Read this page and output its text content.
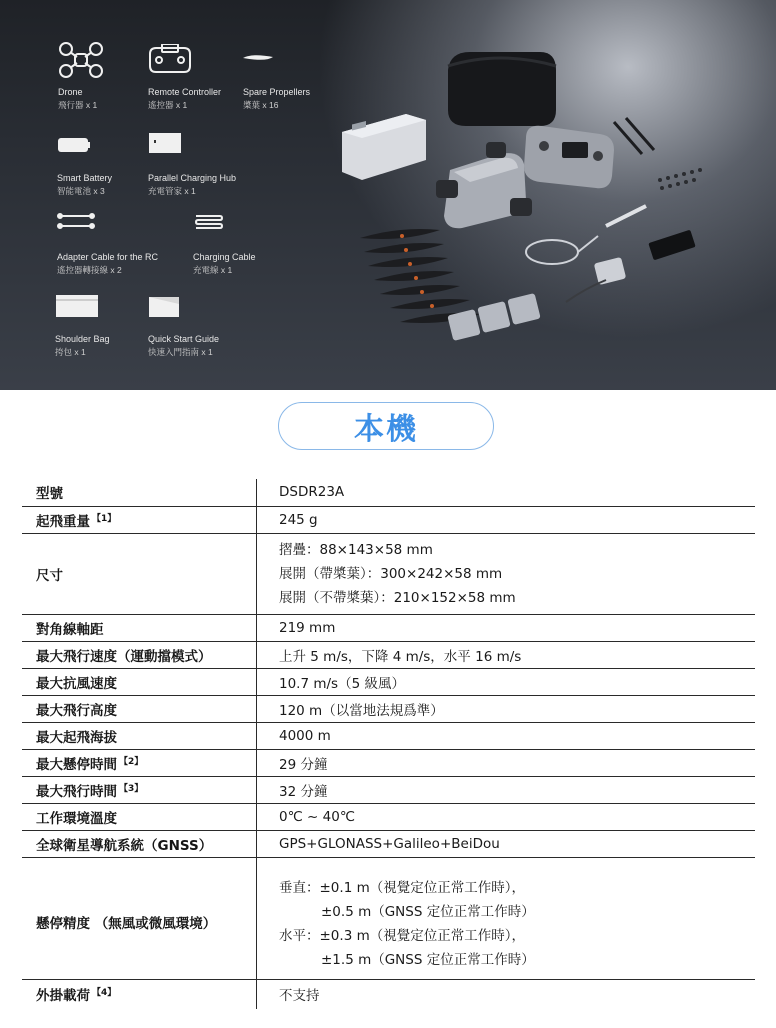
Drone
飛行器 x 1
Remote Controller
遙控器 x 1
Spare Propellers
槳葉 x 16
Smart Battery
智能電池 x 3
Parallel Charging Hub
充電管家 x 1
Adapter Cable for the RC
遙控器轉接線 x 2
Charging Cable
充電線 x 1
Shoulder Bag
挎包 x 1
Quick Start Guide
快速入門指南 x 1
本機
型號	DSDR23A
起飛重量 $^{【1】}$	245 g
尺寸	摺疊：88×143×58 mm
展開（帶槳葉）：300×242×58 mm
展開（不帶槳葉）：210×152×58 mm

對角線軸距	219 mm
最大飛行速度（運動擋模式）	上升 5 m/s，下降 4 m/s，水平 16 m/s
最大抗風速度	10.7 m/s（5 級風）
最大飛行高度	120 m（以當地法規爲準）
最大起飛海拔	4000 m
最大懸停時間 $^{【2】}$	29 分鐘
最大飛行時間 $^{【3】}$	32 分鐘
工作環境溫度	0℃ ~ 40℃
全球衛星導航系統（GNSS）	GPS+GLONASS+Galileo+BeiDou
懸停精度 （無風或微風環境）	垂直：±0.1 m（視覺定位正常工作時），
±0.5 m（GNSS 定位正常工作時）
水平：±0.3 m（視覺定位正常工作時），
±1.5 m（GNSS 定位正常工作時）

外掛載荷 $^{【4】}$	不支持
